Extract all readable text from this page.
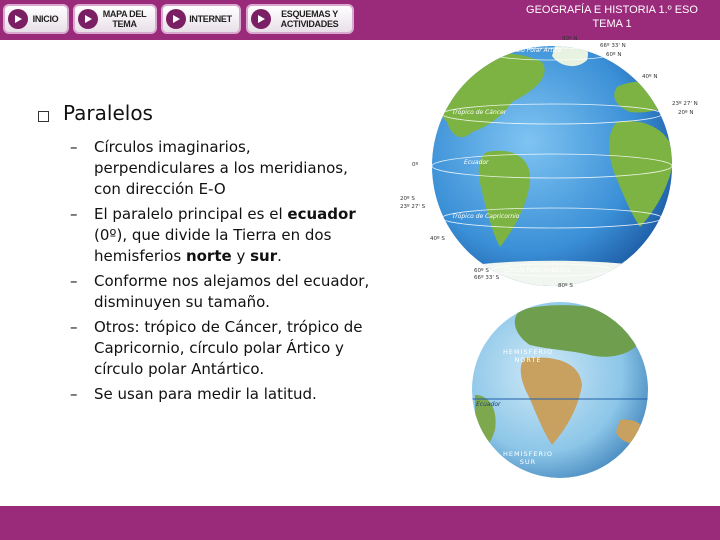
INICIO	MAPA DEL TEMA	INTERNET	ESQUEMAS Y ACTIVIDADES
GEOGRAFÍA E HISTORIA 1.º ESO
TEMA 1
Paralelos
– Círculos imaginarios, perpendiculares a los meridianos, con dirección E-O
– El paralelo principal es el ecuador (0º), que divide la Tierra en dos hemisferios norte y sur.
– Conforme nos alejamos del ecuador, disminuyen su tamaño.
– Otros: trópico de Cáncer, trópico de Capricornio, círculo polar Ártico y círculo polar Antártico.
– Se usan para medir la latitud.
Círculo Polar Ártico
Trópico de Cáncer
Ecuador
Trópico de Capricornio
Círculo Polar Antártico
90º N
66º 33' N
60º N
40º N
23º 27' N
20º N
0º
20º S
23º 27' S
40º S
60º S
66º 33' S
80º S
HEMISFERIO
NORTE
HEMISFERIO
SUR
Ecuador
